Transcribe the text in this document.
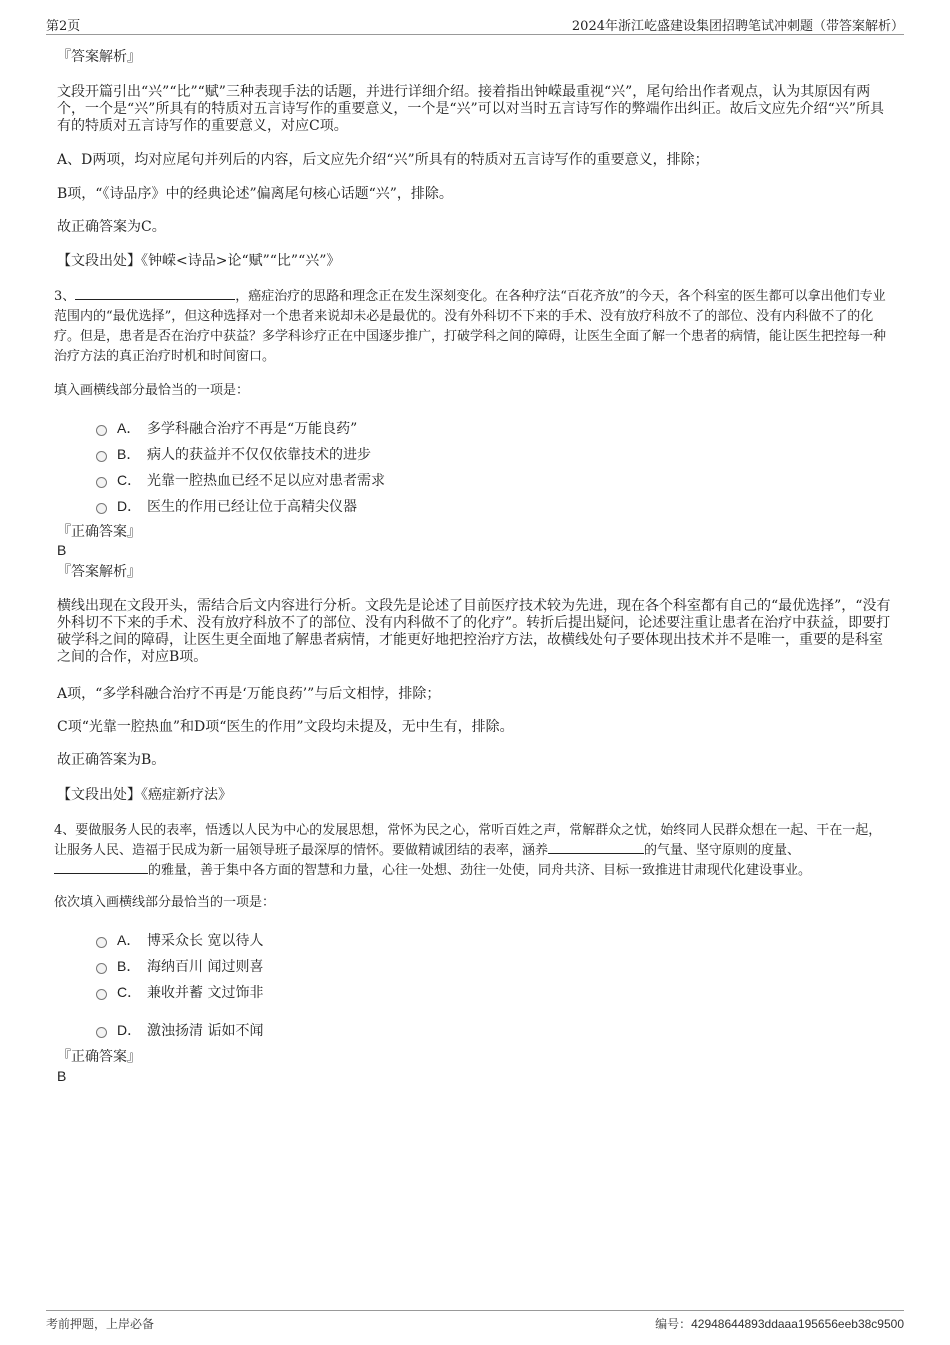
第2页	2024年浙江屹盛建设集团招聘笔试冲刺题（带答案解析）
『答案解析』
文段开篇引出“兴”“比”“赋”三种表现手法的话题，并进行详细介绍。接着指出钟嵘最重视“兴”，尾句给出作者观点，认为其原因有两个，一个是“兴”所具有的特质对五言诗写作的重要意义，一个是“兴”可以对当时五言诗写作的弊端作出纠正。故后文应先介绍“兴”所具有的特质对五言诗写作的重要意义，对应C项。
A、D两项，均对应尾句并列后的内容，后文应先介绍“兴”所具有的特质对五言诗写作的重要意义，排除；
B项，“《诗品序》中的经典论述”偏离尾句核心话题“兴”，排除。
故正确答案为C。
【文段出处】《钟嵘<诗品>论“赋”“比”“兴”》
3、	，癌症治疗的思路和理念正在发生深刻变化。在各种疗法“百花齐放”的今天，各个科室的医生都可以拿出他们专业范围内的“最优选择”，但这种选择对一个患者来说却未必是最优的。没有外科切不下来的手术、没有放疗科放不了的部位、没有内科做不了的化疗。但是，患者是否在治疗中获益？多学科诊疗正在中国逐步推广，打破学科之间的障碍，让医生全面了解一个患者的病情，能让医生把控每一种治疗方法的真正治疗时机和时间窗口。
填入画横线部分最恰当的一项是：
A． 多学科融合治疗不再是“万能良药”
B． 病人的获益并不仅仅依靠技术的进步
C． 光靠一腔热血已经不足以应对患者需求
D． 医生的作用已经让位于高精尖仪器
『正确答案』
B
『答案解析』
横线出现在文段开头，需结合后文内容进行分析。文段先是论述了目前医疗技术较为先进，现在各个科室都有自己的“最优选择”，“没有外科切不下来的手术、没有放疗科放不了的部位、没有内科做不了的化疗”。转折后提出疑问，论述要注重让患者在治疗中获益，即要打破学科之间的障碍，让医生更全面地了解患者病情，才能更好地把控治疗方法，故横线处句子要体现出技术并不是唯一，重要的是科室之间的合作，对应B项。
A项，“多学科融合治疗不再是‘万能良药’”与后文相悖，排除；
C项“光靠一腔热血”和D项“医生的作用”文段均未提及，无中生有，排除。
故正确答案为B。
【文段出处】《癌症新疗法》
4、要做服务人民的表率，悟透以人民为中心的发展思想，常怀为民之心，常听百姓之声，常解群众之忧，始终同人民群众想在一起、干在一起，让服务人民、造福于民成为新一届领导班子最深厚的情怀。要做精诚团结的表率，涵养	的气量、坚守原则的度量、的雅量，善于集中各方面的智慧和力量，心往一处想、劲往一处使，同舟共济、目标一致推进甘肃现代化建设事业。
依次填入画横线部分最恰当的一项是：
A． 博采众长 宽以待人
B． 海纳百川 闻过则喜
C． 兼收并蓄 文过饰非
D． 激浊扬清 诟如不闻
『正确答案』
B
考前押题，上岸必备	编号：42948644893ddaaa195656eeb38c9500
